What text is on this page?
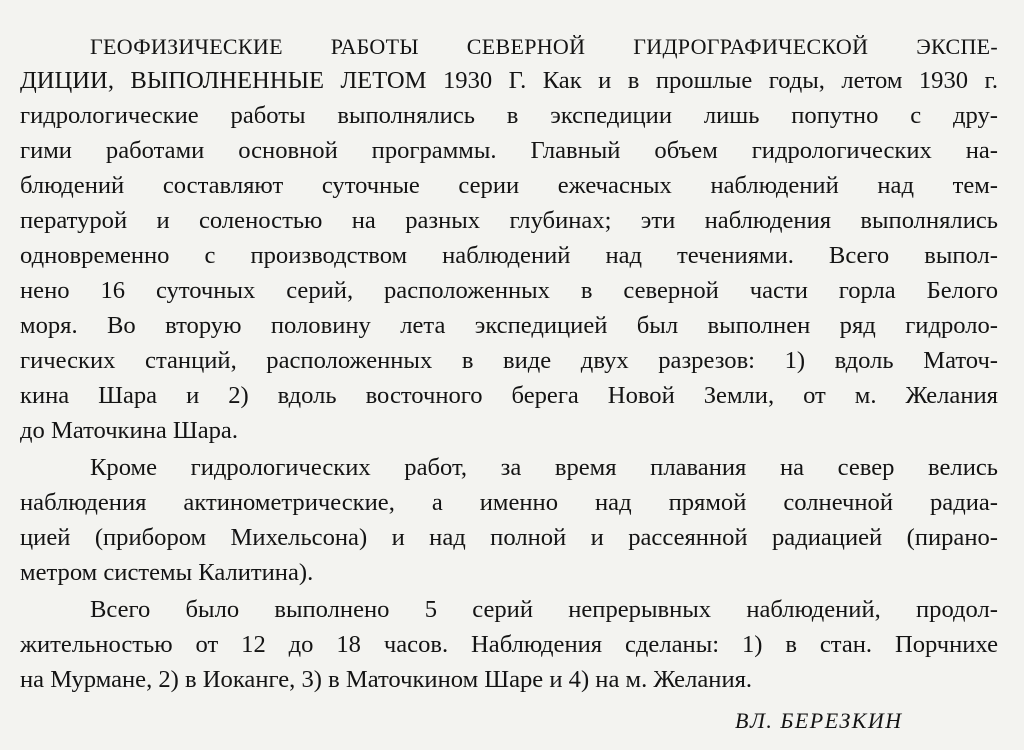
ГЕОФИЗИЧЕСКИЕ РАБОТЫ СЕВЕРНОЙ ГИДРОГРАФИЧЕСКОЙ ЭКСПЕ-
ДИЦИИ, ВЫПОЛНЕННЫЕ ЛЕТОМ 1930 Г. Как и в прошлые годы, летом 1930 г.
гидрологические работы выполнялись в экспедиции лишь попутно с дру-
гими работами основной программы. Главный объем гидрологических на-
блюдений составляют суточные серии ежечасных наблюдений над тем-
пературой и соленостью на разных глубинах; эти наблюдения выполнялись
одновременно с производством наблюдений над течениями. Всего выпол-
нено 16 суточных серий, расположенных в северной части горла Белого
моря. Во вторую половину лета экспедицией был выполнен ряд гидроло-
гических станций, расположенных в виде двух разрезов: 1) вдоль Маточ-
кина Шара и 2) вдоль восточного берега Новой Земли, от м. Желания
до Маточкина Шара.
Кроме гидрологических работ, за время плавания на север велись
наблюдения актинометрические, а именно над прямой солнечной радиа-
цией (прибором Михельсона) и над полной и рассеянной радиацией (пирано-
метром системы Калитина).
Всего было выполнено 5 серий непрерывных наблюдений, продол-
жительностью от 12 до 18 часов. Наблюдения сделаны: 1) в стан. Порчнихе
на Мурмане, 2) в Иоканге, 3) в Маточкином Шаре и 4) на м. Желания.
ВЛ. БЕРЕЗКИН
